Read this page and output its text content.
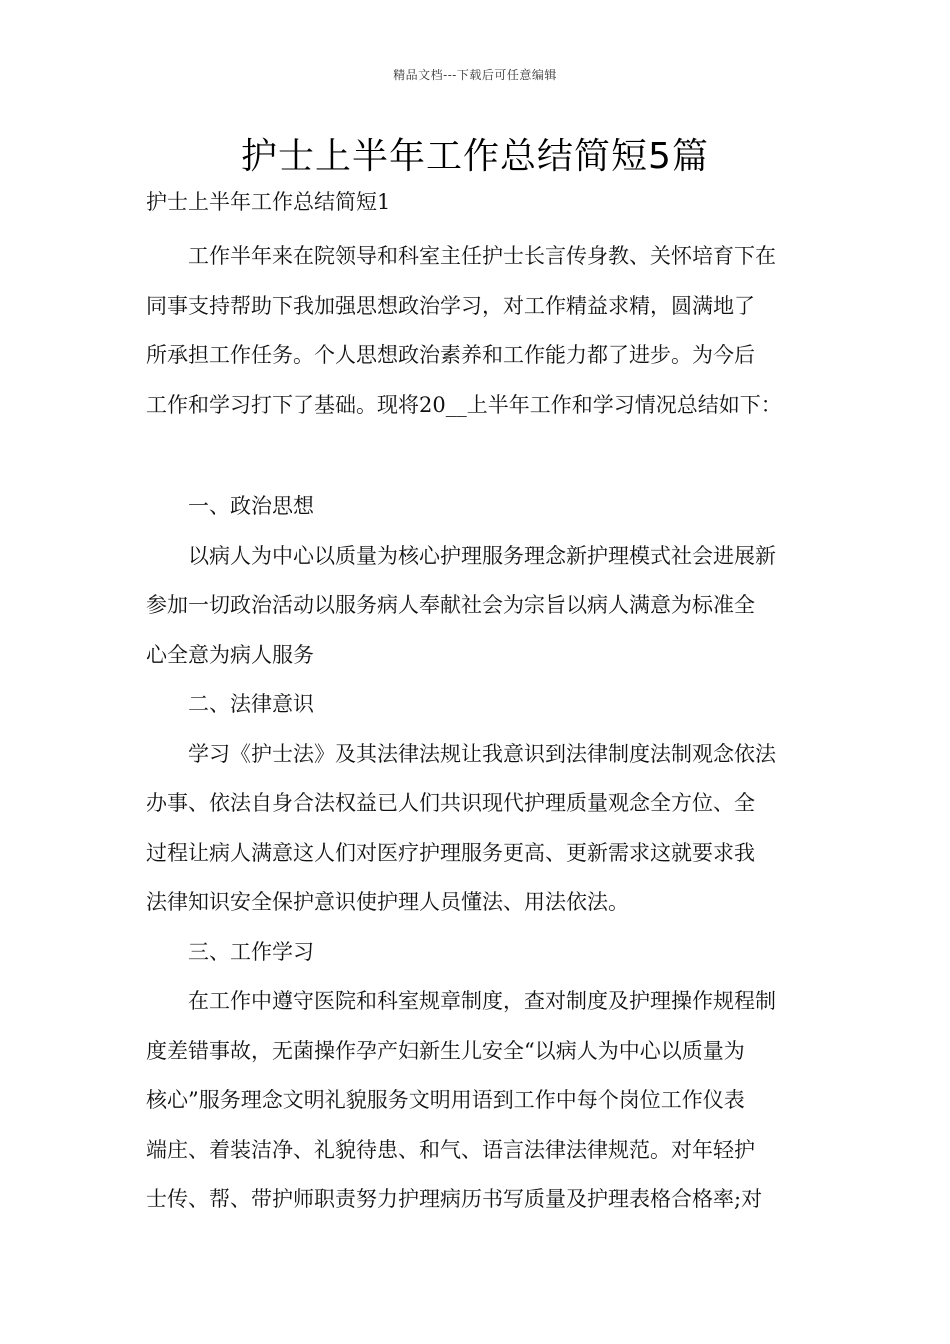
精品文档---下载后可任意编辑
护士上半年工作总结简短5篇

护士上半年工作总结简短1

工作半年来在院领导和科室主任护士长言传身教、关怀培育下在
同事支持帮助下我加强思想政治学习，对工作精益求精，圆满地了
所承担工作任务。个人思想政治素养和工作能力都了进步。为今后
工作和学习打下了基础。现将20__上半年工作和学习情况总结如下：

一、政治思想

以病人为中心以质量为核心护理服务理念新护理模式社会进展新
参加一切政治活动以服务病人奉献社会为宗旨以病人满意为标准全
心全意为病人服务

二、法律意识

学习《护士法》及其法律法规让我意识到法律制度法制观念依法
办事、依法自身合法权益已人们共识现代护理质量观念全方位、全
过程让病人满意这人们对医疗护理服务更高、更新需求这就要求我
法律知识安全保护意识使护理人员懂法、用法依法。

三、工作学习

在工作中遵守医院和科室规章制度，查对制度及护理操作规程制
度差错事故，无菌操作孕产妇新生儿安全“以病人为中心以质量为
核心”服务理念文明礼貌服务文明用语到工作中每个岗位工作仪表
端庄、着装洁净、礼貌待患、和气、语言法律法律规范。对年轻护
士传、帮、带护师职责努力护理病历书写质量及护理表格合格率;对
